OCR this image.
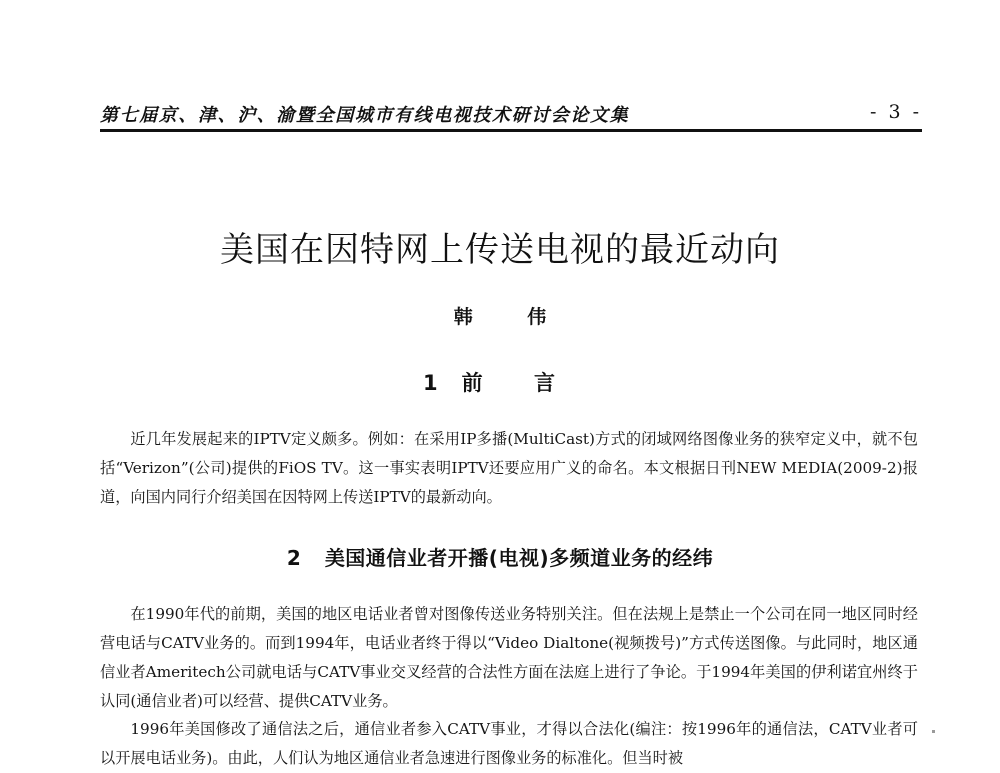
第七届京、津、沪、渝暨全国城市有线电视技术研讨会论文集	- 3 -
美国在因特网上传送电视的最近动向
韩 伟
1 前 言
近几年发展起来的IPTV定义颇多。例如：在采用IP多播(MultiCast)方式的闭域网络图像业务的狭窄定义中，就不包括“Verizon”(公司)提供的FiOS TV。这一事实表明IPTV还要应用广义的命名。本文根据日刊NEW MEDIA(2009-2)报道，向国内同行介绍美国在因特网上传送IPTV的最新动向。
2 美国通信业者开播(电视)多频道业务的经纬
在1990年代的前期，美国的地区电话业者曾对图像传送业务特别关注。但在法规上是禁止一个公司在同一地区同时经营电话与CATV业务的。而到1994年，电话业者终于得以“Video Dialtone(视频拨号)”方式传送图像。与此同时，地区通信业者Ameritech公司就电话与CATV事业交叉经营的合法性方面在法庭上进行了争论。于1994年美国的伊利诺宜州终于认同(通信业者)可以经营、提供CATV业务。
1996年美国修改了通信法之后，通信业者参入CATV事业，才得以合法化(编注：按1996年的通信法，CATV业者可以开展电话业务)。由此，人们认为地区通信业者急速进行图像业务的标准化。但当时被
